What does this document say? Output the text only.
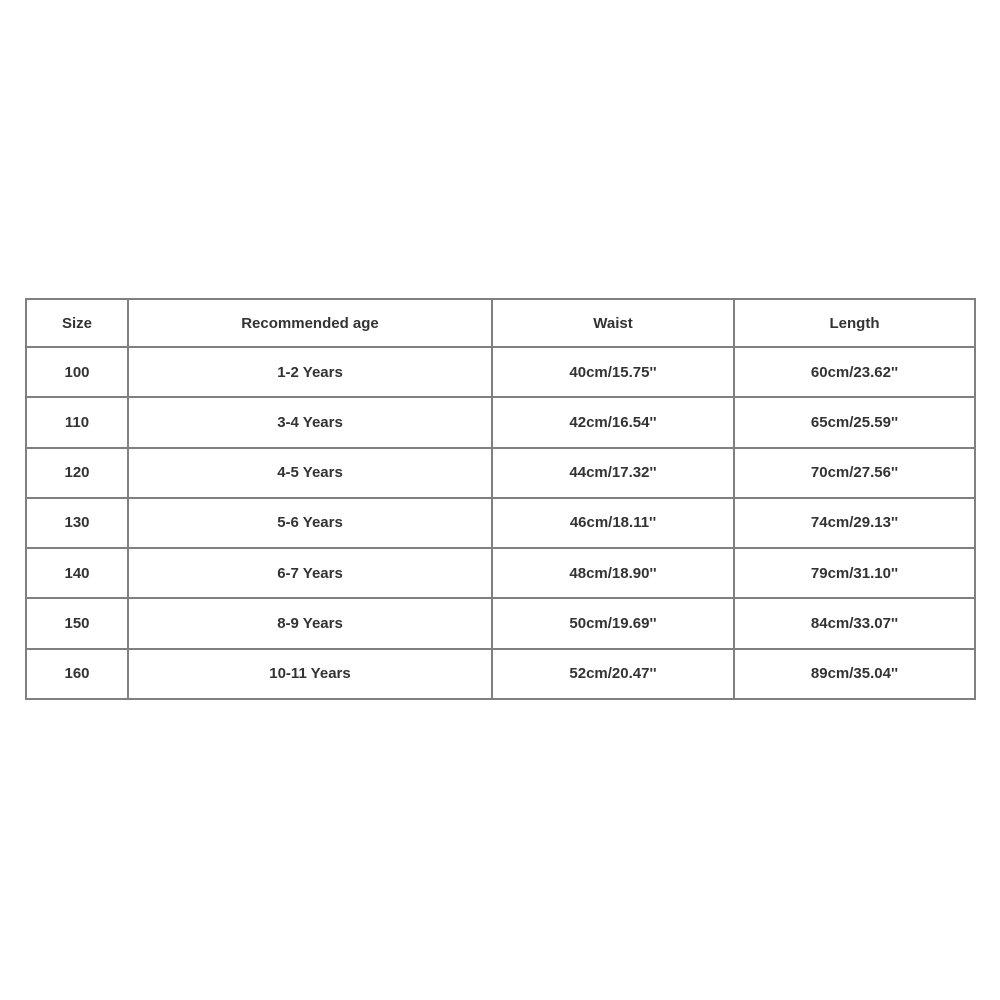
Size	Recommended age	Waist	Length
100	1-2 Years	40cm/15.75''	60cm/23.62''
110	3-4 Years	42cm/16.54''	65cm/25.59''
120	4-5 Years	44cm/17.32''	70cm/27.56''
130	5-6 Years	46cm/18.11''	74cm/29.13''
140	6-7 Years	48cm/18.90''	79cm/31.10''
150	8-9 Years	50cm/19.69''	84cm/33.07''
160	10-11 Years	52cm/20.47''	89cm/35.04''
